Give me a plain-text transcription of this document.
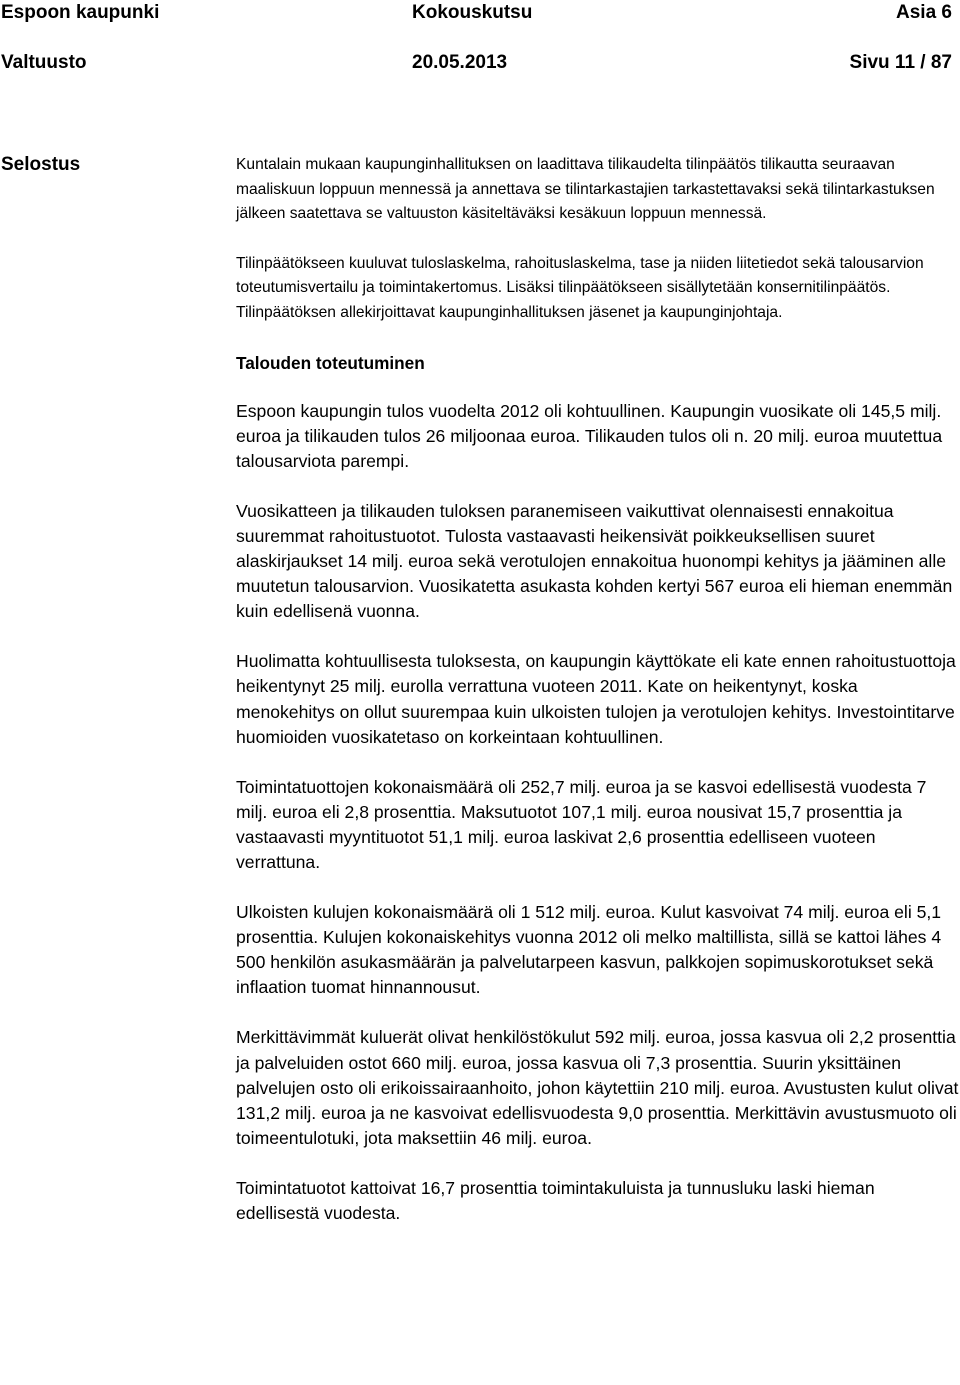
Espoon kaupunki	Kokouskutsu	Asia 6
Valtuusto	20.05.2013	Sivu 11 / 87
Selostus	Kuntalain mukaan kaupunginhallituksen on laadittava tilikaudelta tilinpäätös tilikautta seuraavan maaliskuun loppuun mennessä ja annettava se tilintarkastajien tarkastettavaksi sekä tilintarkastuksen jälkeen saatettava se valtuuston käsiteltäväksi kesäkuun loppuun mennessä.

Tilinpäätökseen kuuluvat tuloslaskelma, rahoituslaskelma, tase ja niiden liitetiedot sekä talousarvion toteutumisvertailu ja toimintakertomus. Lisäksi tilinpäätökseen sisällytetään konsernitilinpäätös. Tilinpäätöksen allekirjoittavat kaupunginhallituksen jäsenet ja kaupunginjohtaja.

Talouden toteutuminen

Espoon kaupungin tulos vuodelta 2012 oli kohtuullinen. Kaupungin vuosikate oli 145,5 milj. euroa ja tilikauden tulos 26 miljoonaa euroa. Tilikauden tulos oli n. 20 milj. euroa muutettua talousarviota parempi.

Vuosikatteen ja tilikauden tuloksen paranemiseen vaikuttivat olennaisesti ennakoitua suuremmat rahoitustuotot. Tulosta vastaavasti heikensivät poikkeuksellisen suuret alaskirjaukset 14 milj. euroa sekä verotulojen ennakoitua huonompi kehitys ja jääminen alle muutetun talousarvion. Vuosikatetta asukasta kohden kertyi 567 euroa eli hieman enemmän kuin edellisenä vuonna.

Huolimatta kohtuullisesta tuloksesta, on kaupungin käyttökate eli kate ennen rahoitustuottoja heikentynyt 25 milj. eurolla verrattuna vuoteen 2011. Kate on heikentynyt, koska menokehitys on ollut suurempaa kuin ulkoisten tulojen ja verotulojen kehitys. Investointitarve huomioiden vuosikatetaso on korkeintaan kohtuullinen.

Toimintatuottojen kokonaismäärä oli 252,7 milj. euroa ja se kasvoi edellisestä vuodesta 7 milj. euroa eli 2,8 prosenttia. Maksutuotot 107,1 milj. euroa nousivat 15,7 prosenttia ja vastaavasti myyntituotot 51,1 milj. euroa laskivat 2,6 prosenttia edelliseen vuoteen verrattuna.

Ulkoisten kulujen kokonaismäärä oli 1 512 milj. euroa. Kulut kasvoivat 74 milj. euroa eli 5,1 prosenttia. Kulujen kokonaiskehitys vuonna 2012 oli melko maltillista, sillä se kattoi lähes 4 500 henkilön asukasmäärän ja palvelutarpeen kasvun, palkkojen sopimuskorotukset sekä inflaation tuomat hinnannousut.

Merkittävimmät kuluerät olivat henkilöstökulut 592 milj. euroa, jossa kasvua oli 2,2 prosenttia ja palveluiden ostot 660 milj. euroa, jossa kasvua oli 7,3 prosenttia. Suurin yksittäinen palvelujen osto oli erikoissairaanhoito, johon käytettiin 210 milj. euroa. Avustusten kulut olivat 131,2 milj. euroa ja ne kasvoivat edellisvuodesta 9,0 prosenttia. Merkittävin avustusmuoto oli toimeentulotuki, jota maksettiin 46 milj. euroa.

Toimintatuotot kattoivat 16,7 prosenttia toimintakuluista ja tunnusluku laski hieman edellisestä vuodesta.
